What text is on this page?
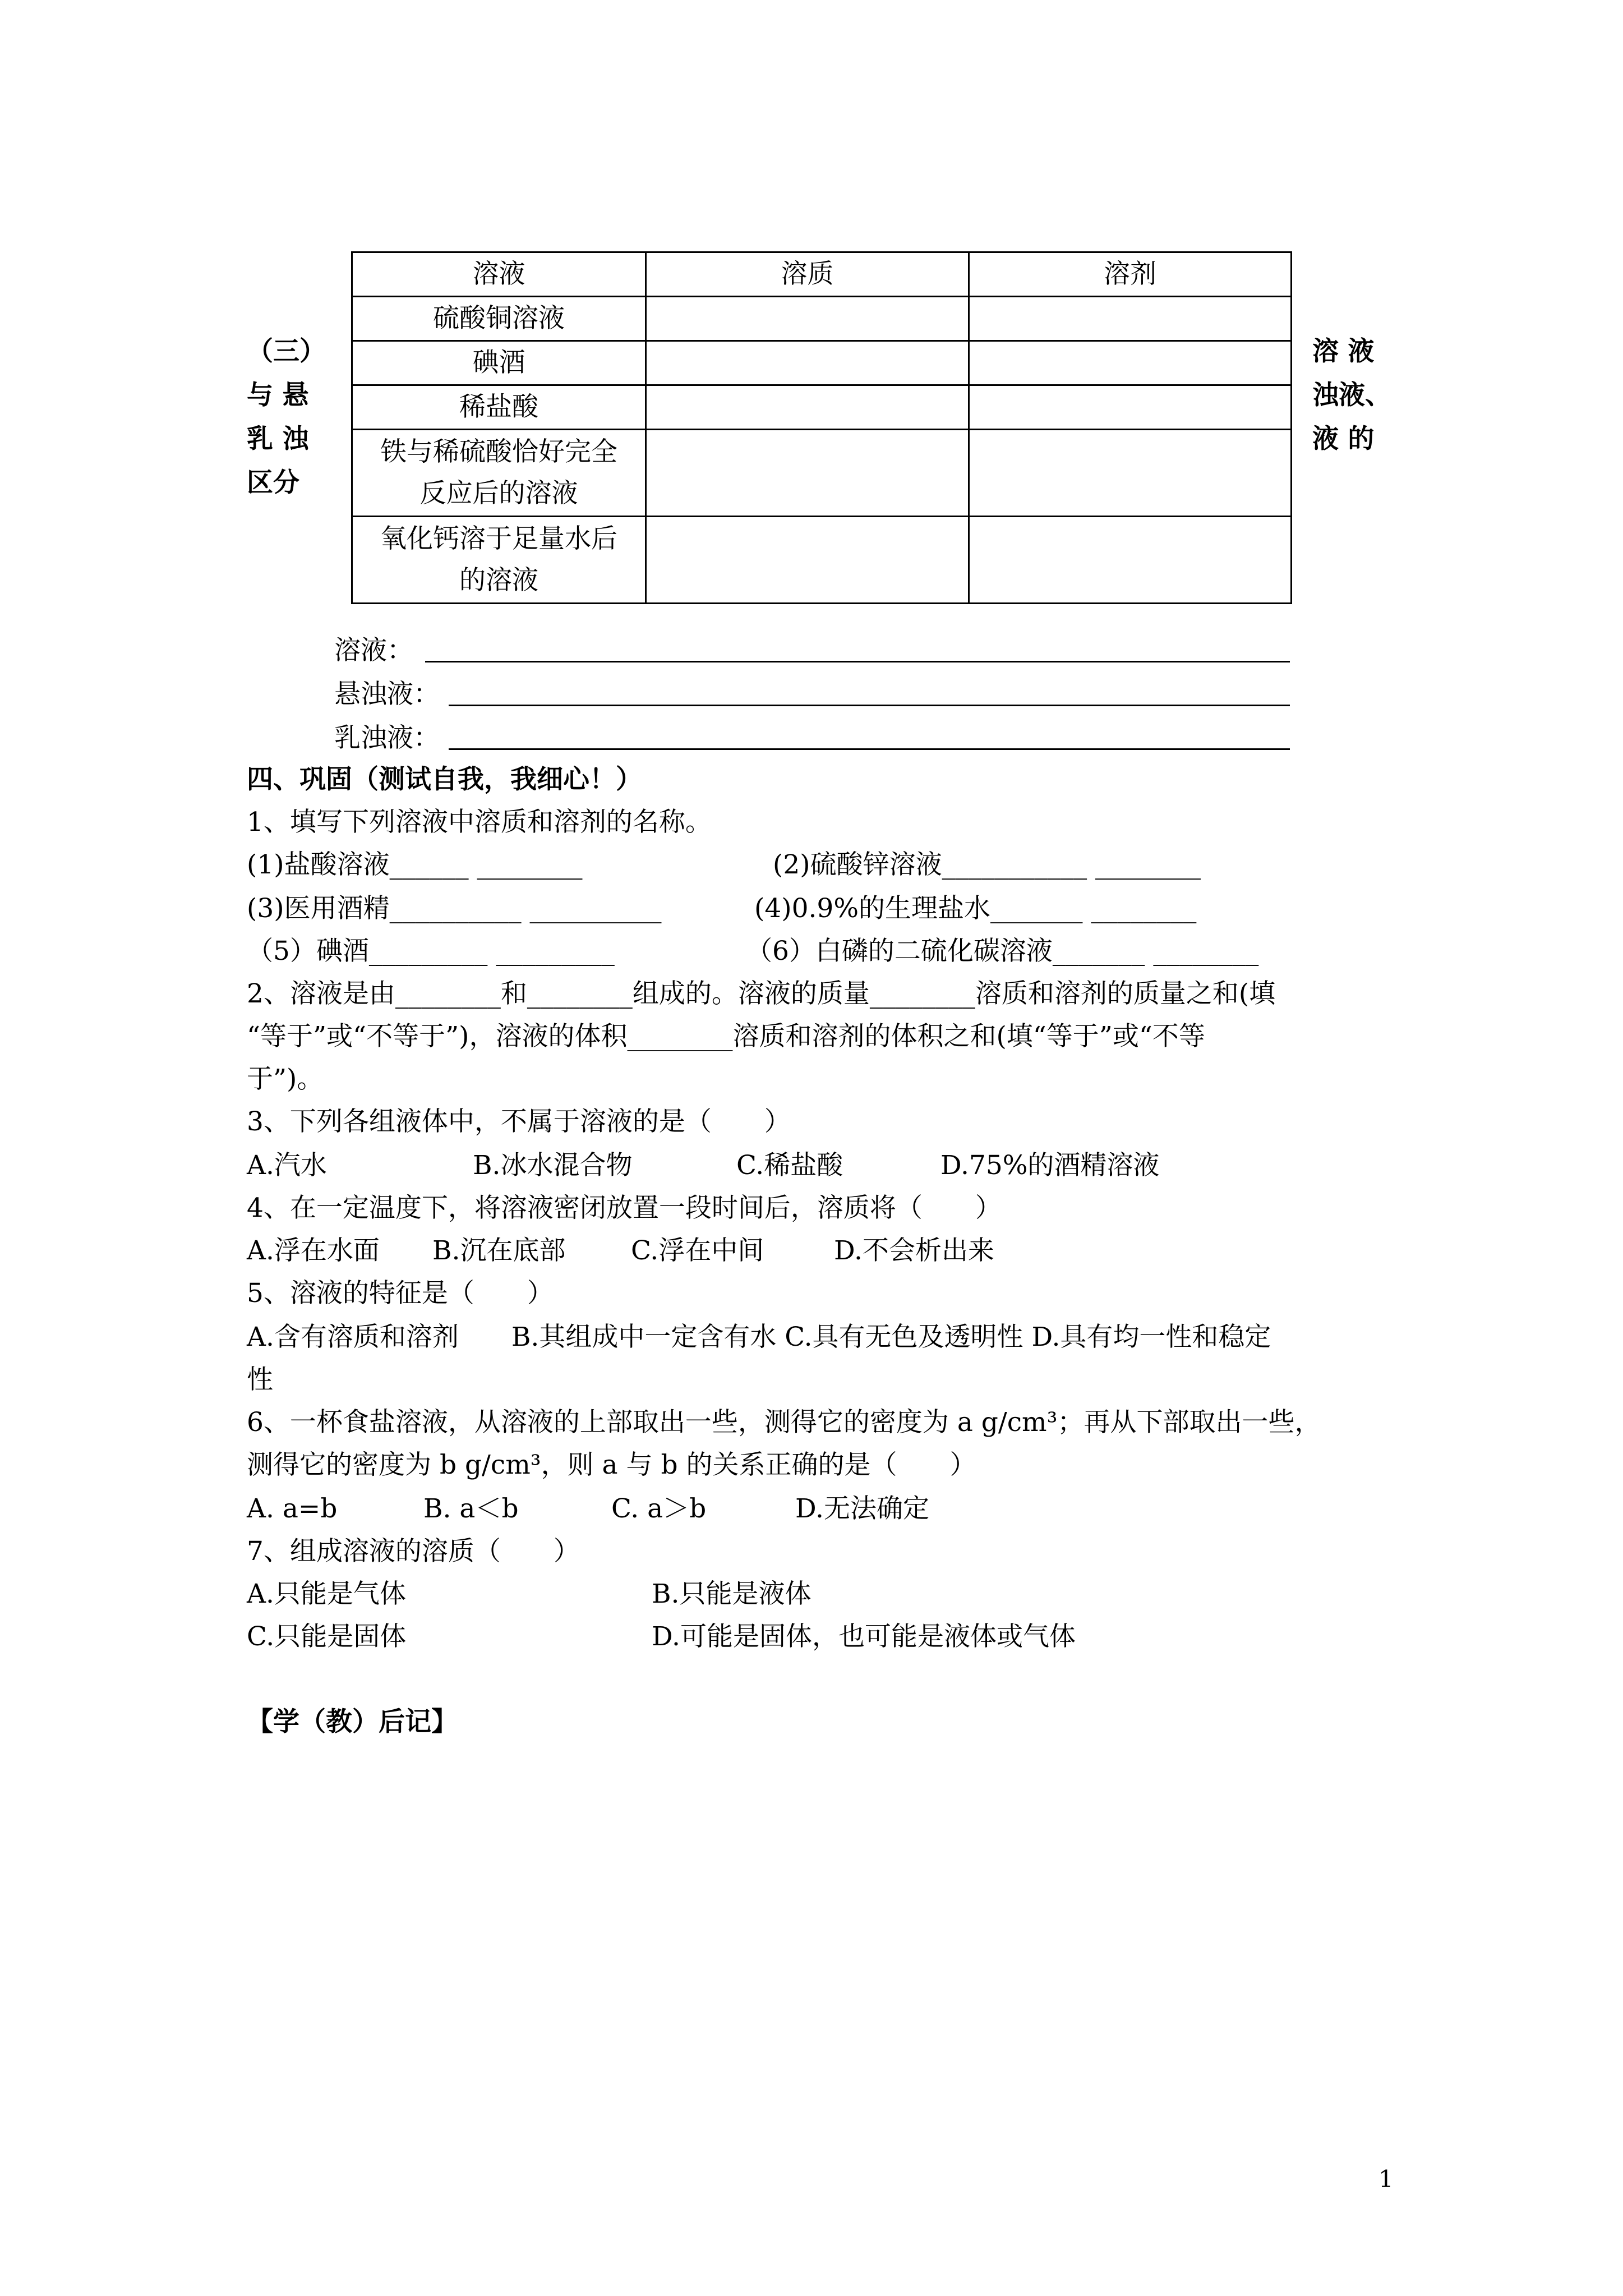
（三）
与 悬
乳 浊
区分
溶 液
浊液、
液 的
溶液	溶质	溶剂
硫酸铜溶液		
碘酒		
稀盐酸		

铁与稀硫酸恰好完全
反应后的溶液		

氧化钙溶于足量水后
的溶液		

溶液：
悬浊液：
乳浊液：
四、巩固（测试自我，我细心！）
1、填写下列溶液中溶质和溶剂的名称。
(1)盐酸溶液______ ________	(2)硫酸锌溶液___________ ________
(3)医用酒精__________ __________	(4)0.9%的生理盐水_______ ________
（5）碘酒_________ _________	（6）白磷的二硫化碳溶液_______ ________
2、溶液是由________和________组成的。溶液的质量________溶质和溶剂的质量之和(填
“等于”或“不等于”)，溶液的体积________溶质和溶剂的体积之和(填“等于”或“不等
于”)。
3、下列各组液体中，不属于溶液的是（　　）
A.汽水	B.冰水混合物	C.稀盐酸	D.75%的酒精溶液
4、在一定温度下，将溶液密闭放置一段时间后，溶质将（　　）
A.浮在水面 B.沉在底部 C.浮在中间	D.不会析出来
5、溶液的特征是（　　）
A.含有溶质和溶剂　　B.其组成中一定含有水 C.具有无色及透明性 D.具有均一性和稳定
性
6、一杯食盐溶液，从溶液的上部取出一些，测得它的密度为 a g/cm³；再从下部取出一些，
测得它的密度为 b g/cm³，则 a 与 b 的关系正确的是（　　）
A. a=b	B. a＜b	C. a＞b	D.无法确定
7、组成溶液的溶质（　　）
A.只能是气体	B.只能是液体
C.只能是固体	D.可能是固体，也可能是液体或气体
【学（教）后记】
1
